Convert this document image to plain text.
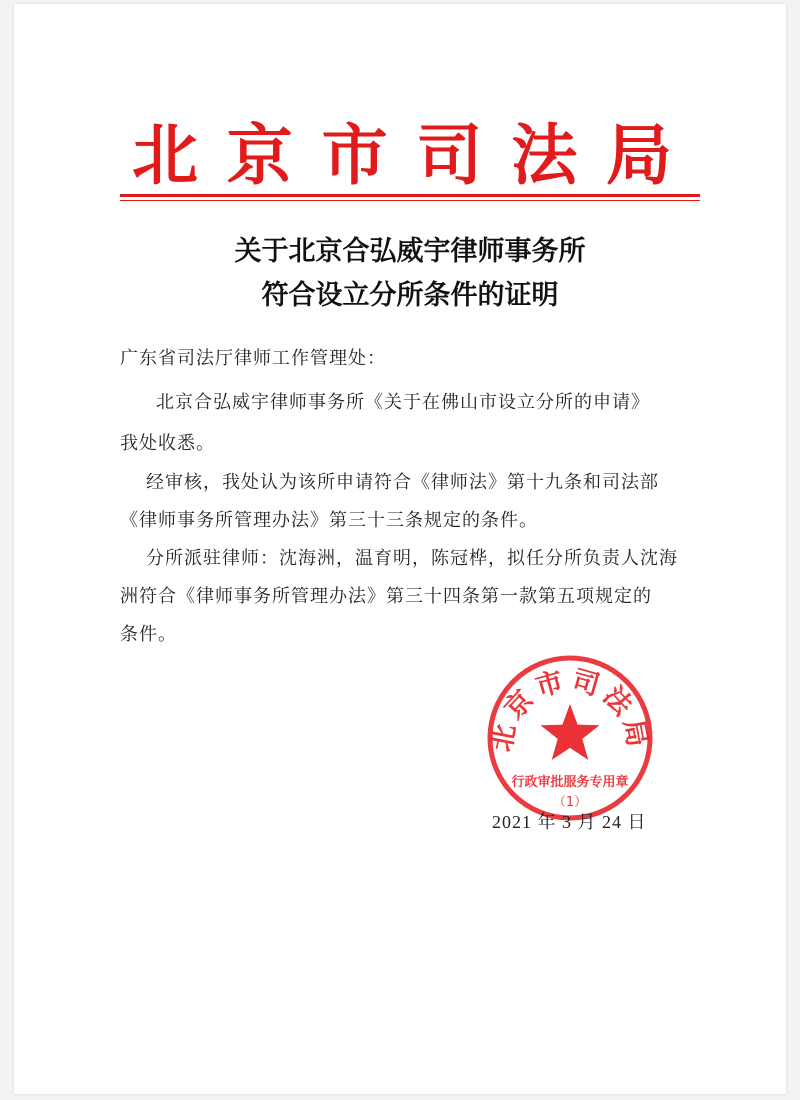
北 京 市 司 法 局
关于北京合弘威宇律师事务所
符合设立分所条件的证明
广东省司法厅律师工作管理处：
北京合弘威宇律师事务所《关于在佛山市设立分所的申请》
我处收悉。
经审核，我处认为该所申请符合《律师法》第十九条和司法部
《律师事务所管理办法》第三十三条规定的条件。
分所派驻律师：沈海洲，温育明，陈冠桦，拟任分所负责人沈海
洲符合《律师事务所管理办法》第三十四条第一款第五项规定的
条件。
北京市司法局
行政审批服务专用章
（1）
2021 年 3 月 24 日
